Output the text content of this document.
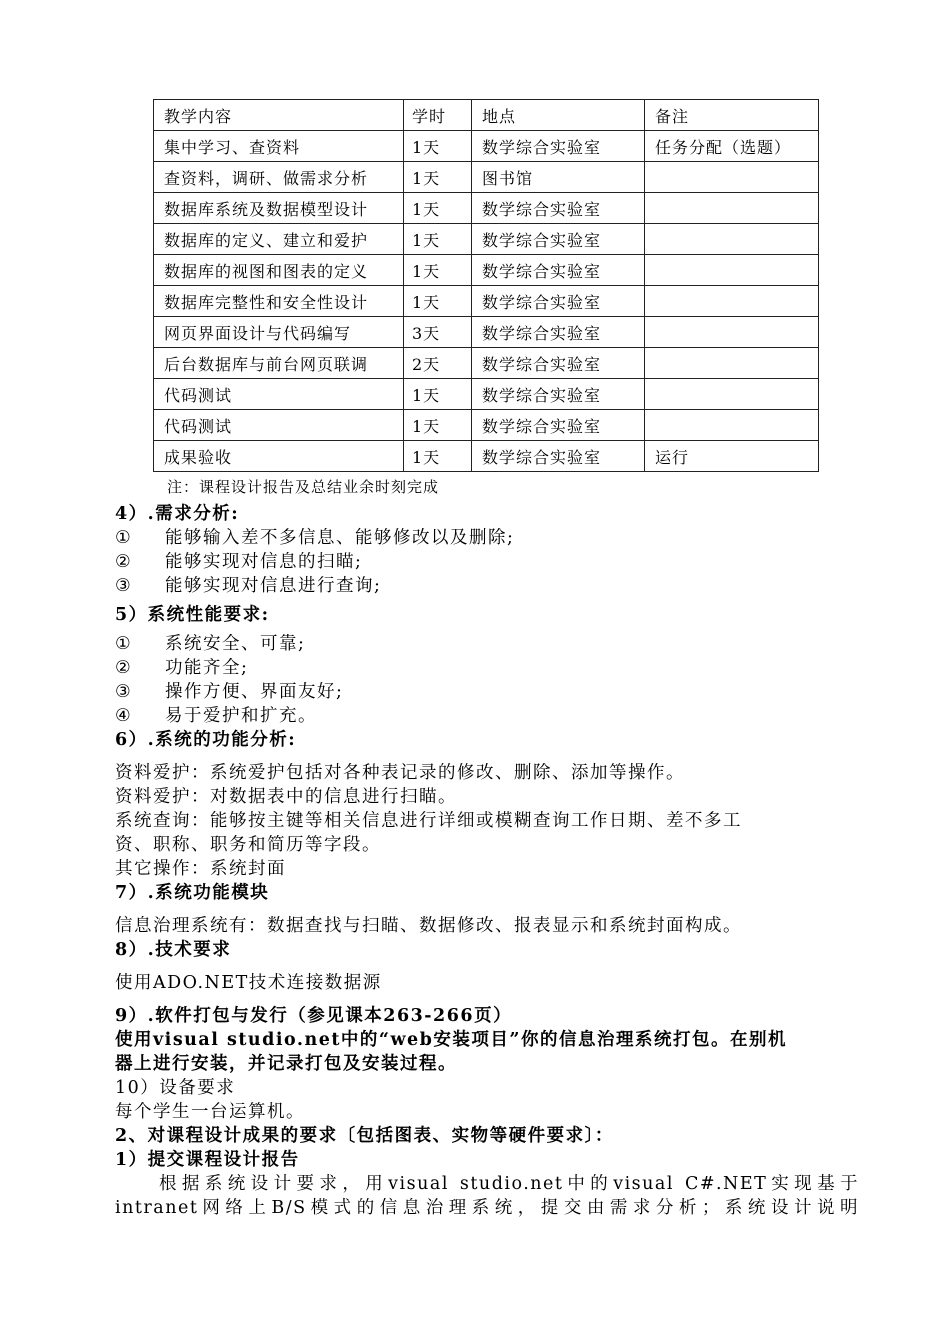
教学内容	学时	地点	备注
集中学习、查资料	1天	数学综合实验室	任务分配（选题）
查资料，调研、做需求分析	1天	图书馆	
数据库系统及数据模型设计	1天	数学综合实验室	
数据库的定义、建立和爱护	1天	数学综合实验室	
数据库的视图和图表的定义	1天	数学综合实验室	
数据库完整性和安全性设计	1天	数学综合实验室	
网页界面设计与代码编写	3天	数学综合实验室	
后台数据库与前台网页联调	2天	数学综合实验室	
代码测试	1天	数学综合实验室	
代码测试	1天	数学综合实验室	
成果验收	1天	数学综合实验室	运行
注：课程设计报告及总结业余时刻完成
4）.需求分析:
① 能够输入差不多信息、能够修改以及删除;
② 能够实现对信息的扫瞄;
③ 能够实现对信息进行查询;
5）系统性能要求:
① 系统安全、可靠;
② 功能齐全;
③ 操作方便、界面友好;
④ 易于爱护和扩充。
6）.系统的功能分析:
资料爱护：系统爱护包括对各种表记录的修改、删除、添加等操作。
资料爱护：对数据表中的信息进行扫瞄。
系统查询：能够按主键等相关信息进行详细或模糊查询工作日期、差不多工
资、职称、职务和简历等字段。
其它操作：系统封面
7）.系统功能模块
信息治理系统有：数据查找与扫瞄、数据修改、报表显示和系统封面构成。
8）.技术要求
使用ADO.NET技术连接数据源
9）.软件打包与发行（参见课本263-266页）
使用visual studio.net中的“web安装项目”你的信息治理系统打包。在别机
器上进行安装，并记录打包及安装过程。
10）设备要求
每个学生一台运算机。
2、对课程设计成果的要求〔包括图表、实物等硬件要求〕：
1）提交课程设计报告
根据系统设计要求，用visual studio.net中的visual C#.NET实现基于
intranet网络上B/S模式的信息治理系统，提交由需求分析；系统设计说明
